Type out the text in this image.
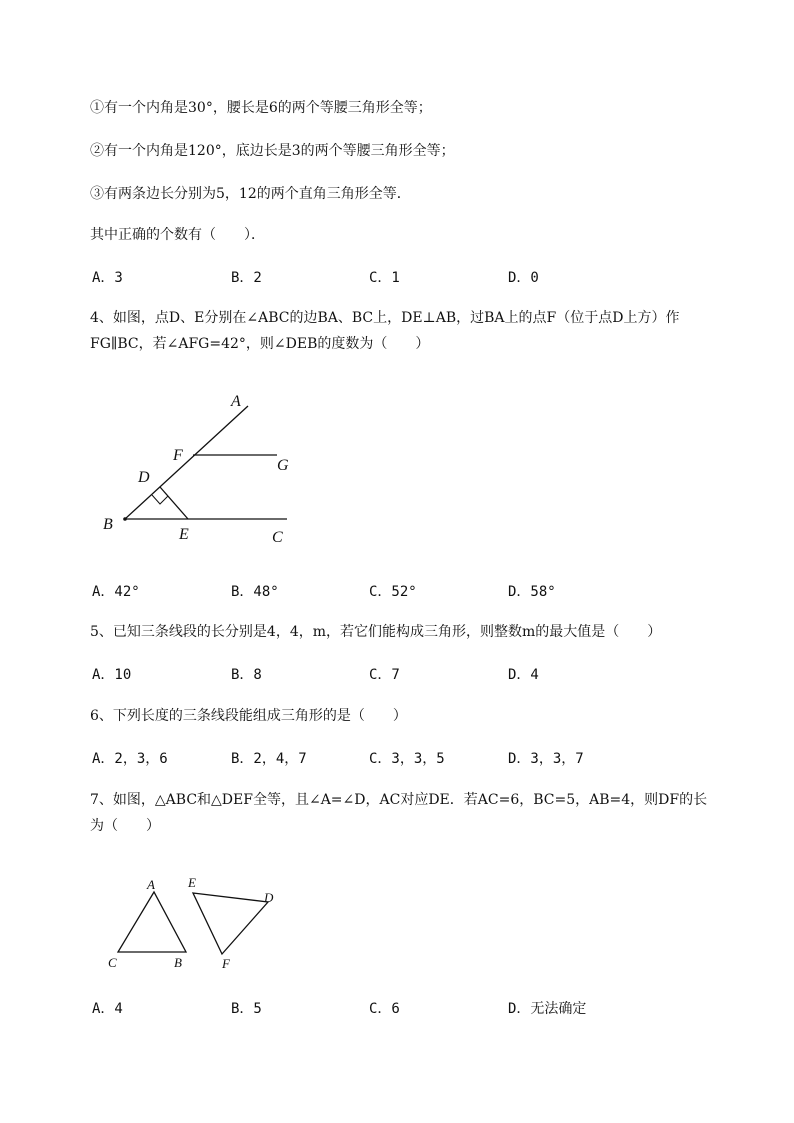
①有一个内角是30°，腰长是6的两个等腰三角形全等；
②有一个内角是120°，底边长是3的两个等腰三角形全等；
③有两条边长分别为5，12的两个直角三角形全等．
其中正确的个数有（　　）．
A．3	B．2	C．1	D．0
4、如图，点D、E分别在∠ABC的边BA、BC上，DE⊥AB，过BA上的点F（位于点D上方）作
FG∥BC，若∠AFG=42°，则∠DEB的度数为（　　）
A
F
G
D
B
E	C
A．42°	B．48°	C．52°	D．58°
5、已知三条线段的长分别是4，4，m，若它们能构成三角形，则整数m的最大值是（　　）
A．10	B．8	C．7	D．4
6、下列长度的三条线段能组成三角形的是（　　）
A．2，3，6	B．2，4，7	C．3，3，5	D．3，3，7
7、如图，△ABC和△DEF全等，且∠A=∠D，AC对应DE．若AC=6，BC=5，AB=4，则DF的长
为（　　）
A
C	B
E
D
F
A．4	B．5	C．6	D．无法确定
